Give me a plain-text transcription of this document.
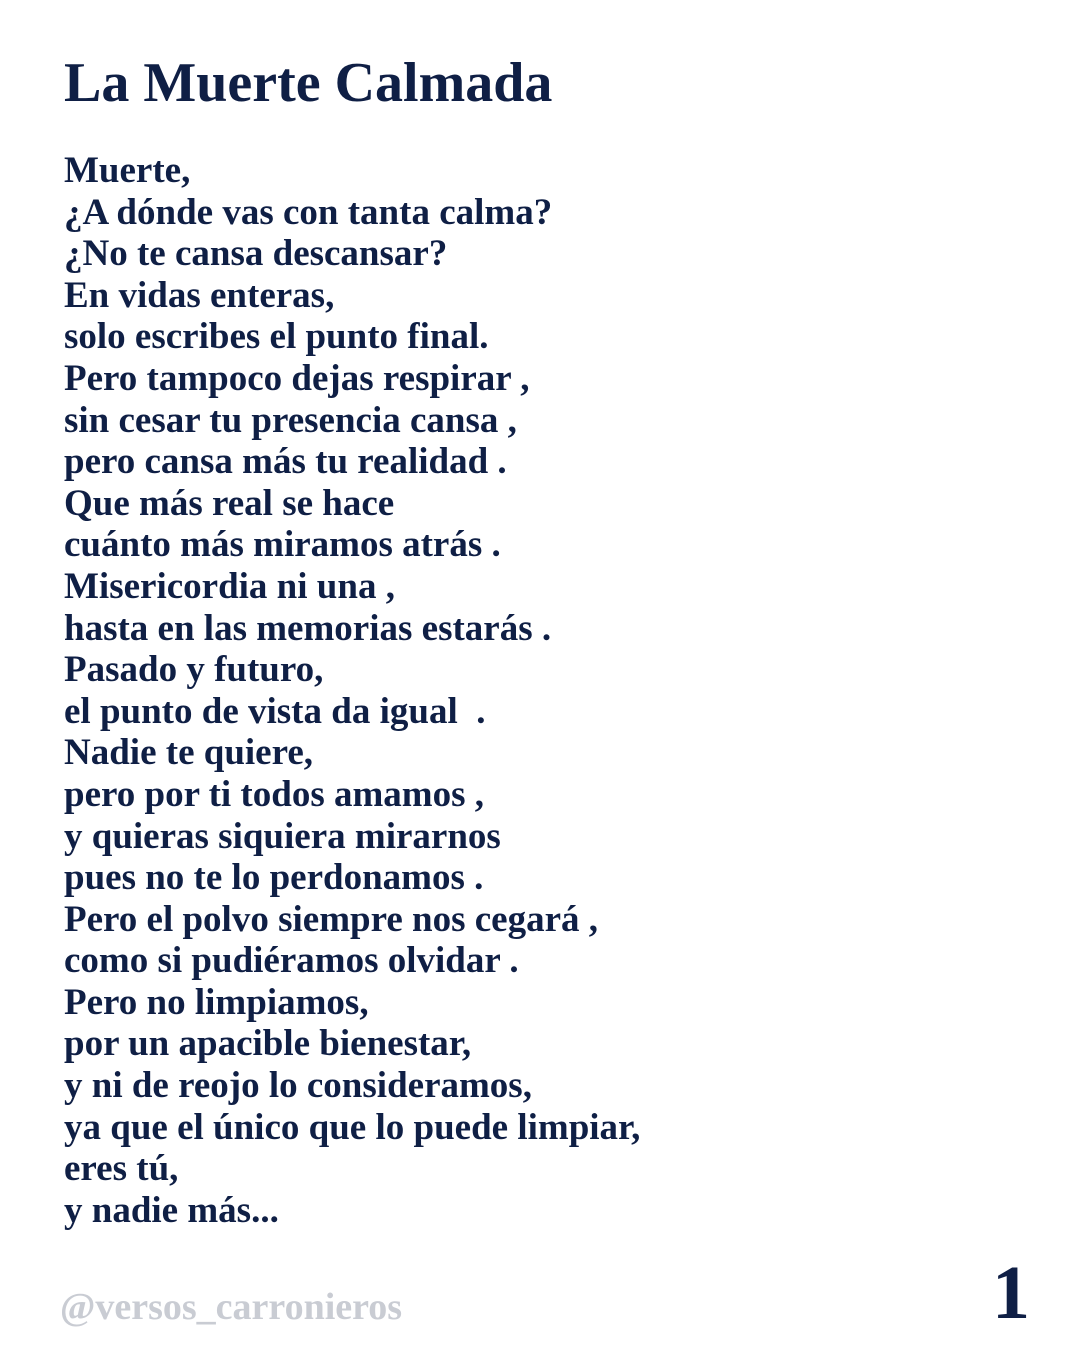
La Muerte Calmada
Muerte,
¿A dónde vas con tanta calma?
¿No te cansa descansar?
En vidas enteras,
solo escribes el punto final.
Pero tampoco dejas respirar ,
sin cesar tu presencia cansa ,
pero cansa más tu realidad .
Que más real se hace
cuánto más miramos atrás .
Misericordia ni una ,
hasta en las memorias estarás .
Pasado y futuro,
el punto de vista da igual  .
Nadie te quiere,
pero por ti todos amamos ,
y quieras siquiera mirarnos
pues no te lo perdonamos .
Pero el polvo siempre nos cegará ,
como si pudiéramos olvidar .
Pero no limpiamos,
por un apacible bienestar,
y ni de reojo lo consideramos,
ya que el único que lo puede limpiar,
eres tú,
y nadie más...
@versos_carronieros	1
